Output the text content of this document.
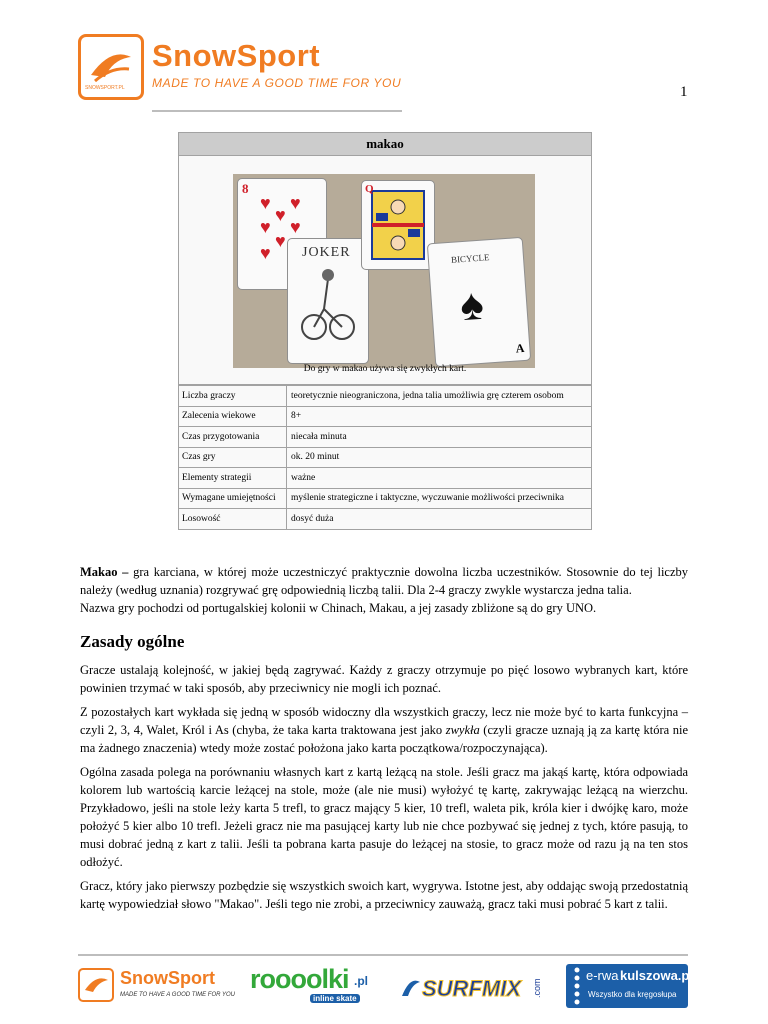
SNOWSPORT.PL
SnowSport
MADE TO HAVE A GOOD TIME FOR YOU
1
makao
8
♥ ♥
♥ ♥
♥
♥
♥
JOKER
Q
BICYCLE
A
♠
Do gry w makao używa się zwykłych kart.
Liczba graczy	teoretycznie nieograniczona, jedna talia umożliwia grę czterem osobom
Zalecenia wiekowe	8+
Czas przygotowania	niecała minuta
Czas gry	ok. 20 minut
Elementy strategii	ważne
Wymagane umiejętności	myślenie strategiczne i taktyczne, wyczuwanie możliwości przeciwnika
Losowość	dosyć duża

Makao – gra karciana, w której może uczestniczyć praktycznie dowolna liczba uczestników. Stosownie do tej liczby należy (według uznania) rozgrywać grę odpowiednią liczbą talii. Dla 2-4 graczy zwykle wystarcza jedna talia.

Nazwa gry pochodzi od portugalskiej kolonii w Chinach, Makau, a jej zasady zbliżone są do gry UNO.

Zasady ogólne

Gracze ustalają kolejność, w jakiej będą zagrywać. Każdy z graczy otrzymuje po pięć losowo wybranych kart, które powinien trzymać w taki sposób, aby przeciwnicy nie mogli ich poznać.

Z pozostałych kart wykłada się jedną w sposób widoczny dla wszystkich graczy, lecz nie może być to karta funkcyjna – czyli 2, 3, 4, Walet, Król i As (chyba, że taka karta traktowana jest jako zwykła (czyli gracze uznają ją za kartę która nie ma żadnego znaczenia) wtedy może zostać położona jako karta początkowa/rozpoczynająca).

Ogólna zasada polega na porównaniu własnych kart z kartą leżącą na stole. Jeśli gracz ma jakąś kartę, która odpowiada kolorem lub wartością karcie leżącej na stole, może (ale nie musi) wyłożyć tę kartę, zakrywając leżącą na wierzchu. Przykładowo, jeśli na stole leży karta 5 trefl, to gracz mający 5 kier, 10 trefl, waleta pik, króla kier i dwójkę karo, może położyć 5 kier albo 10 trefl. Jeżeli gracz nie ma pasującej karty lub nie chce pozbywać się jednej z tych, które pasują, to musi dobrać jedną z kart z talii. Jeśli ta pobrana karta pasuje do leżącej na stosie, to gracz może od razu ją na ten stos odłożyć.

Gracz, który jako pierwszy pozbędzie się wszystkich swoich kart, wygrywa. Istotne jest, aby oddając swoją przedostatnią kartę wypowiedział słowo "Makao". Jeśli tego nie zrobi, a przeciwnicy zauważą, gracz taki musi pobrać 5 kart z talii.

SnowSport
MADE TO HAVE A GOOD TIME FOR YOU
roooolki .pl
inline skate	SURFMIX .com
e-rwa kulszowa.pl
Wszystko dla kręgosłupa
